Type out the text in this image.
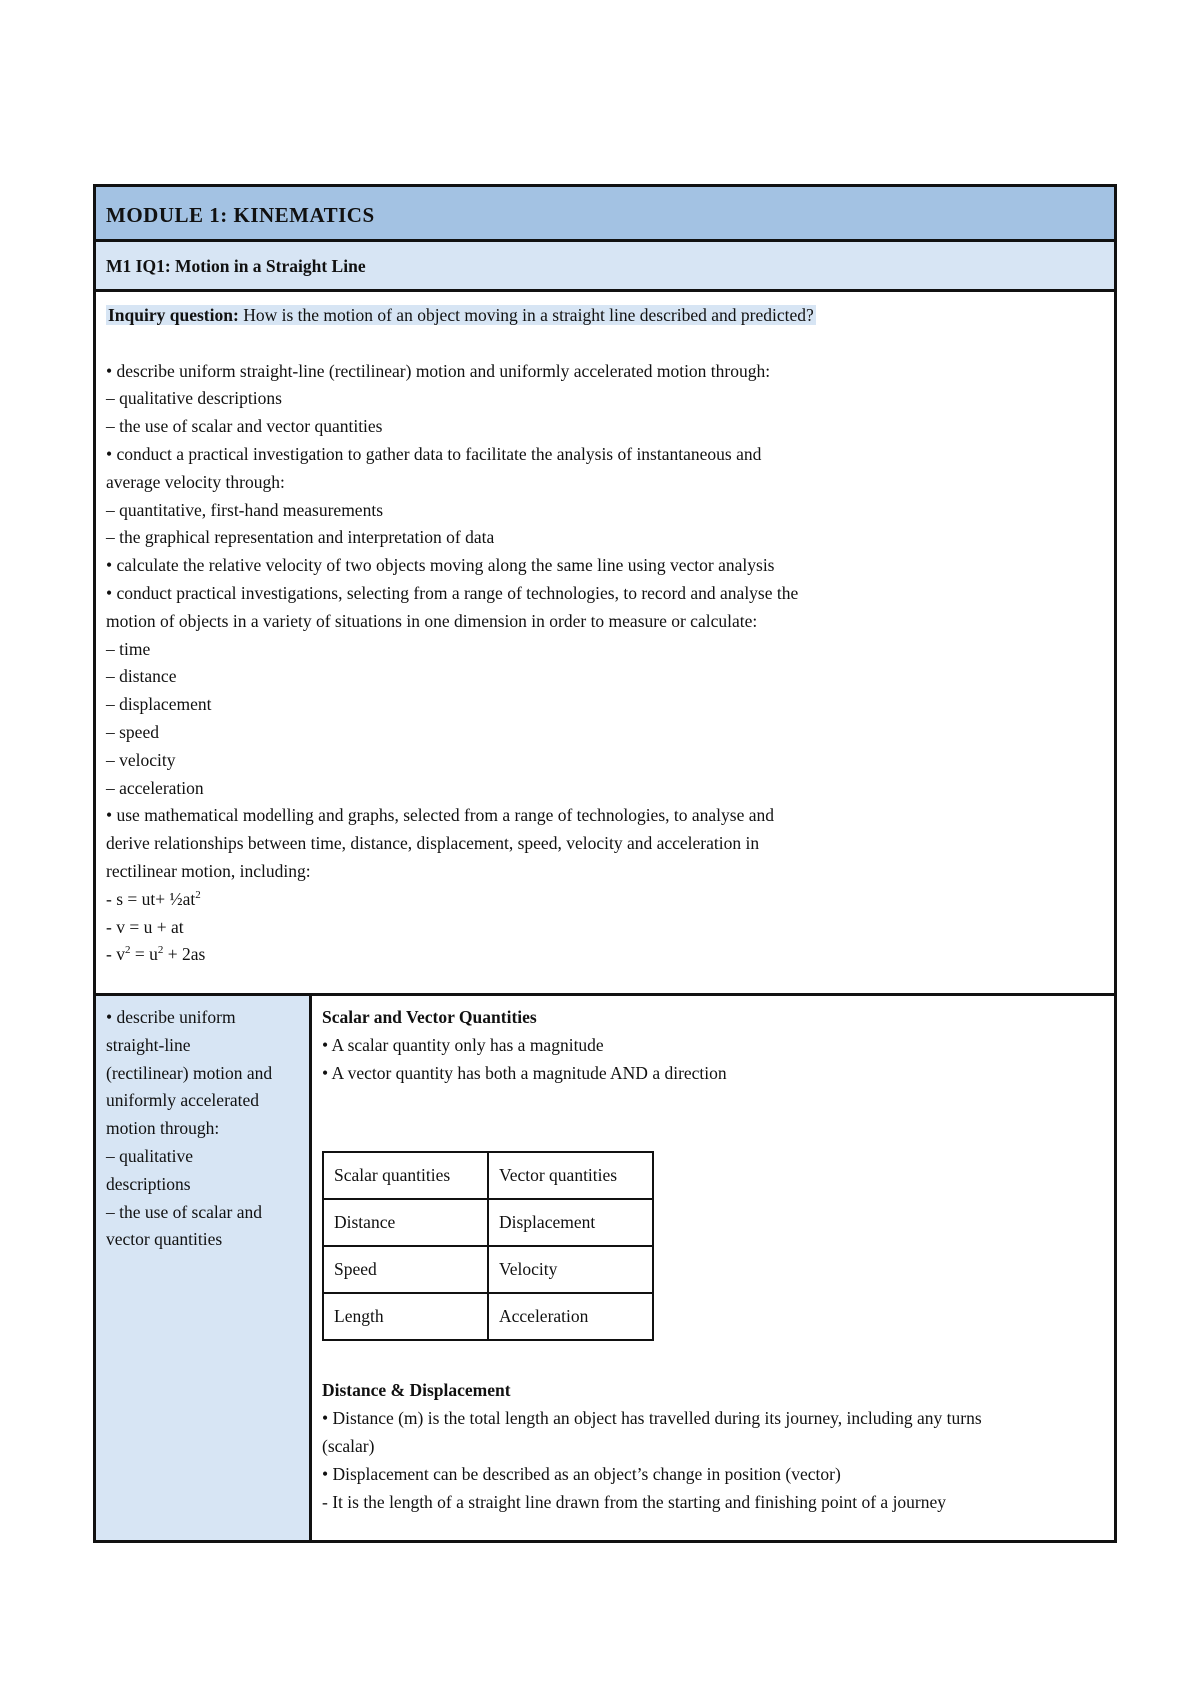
MODULE 1: KINEMATICS
M1 IQ1: Motion in a Straight Line
Inquiry question: How is the motion of an object moving in a straight line described and predicted?
• describe uniform straight-line (rectilinear) motion and uniformly accelerated motion through:
– qualitative descriptions
– the use of scalar and vector quantities
• conduct a practical investigation to gather data to facilitate the analysis of instantaneous and
average velocity through:
– quantitative, first-hand measurements
– the graphical representation and interpretation of data
• calculate the relative velocity of two objects moving along the same line using vector analysis
• conduct practical investigations, selecting from a range of technologies, to record and analyse the
motion of objects in a variety of situations in one dimension in order to measure or calculate:
– time
– distance
– displacement
– speed
– velocity
– acceleration
• use mathematical modelling and graphs, selected from a range of technologies, to analyse and
derive relationships between time, distance, displacement, speed, velocity and acceleration in
rectilinear motion, including:
- $s = ut+ \frac{1}{2}at^2$
- v = u + at
- $v^2 = u^2 + 2as$
• describe uniform
straight-line
(rectilinear) motion and
uniformly accelerated
motion through:
– qualitative
descriptions
– the use of scalar and
vector quantities
Scalar and Vector Quantities
• A scalar quantity only has a magnitude
• A vector quantity has both a magnitude AND a direction
Scalar quantities	Vector quantities
Distance	Displacement
Speed	Velocity
Length	Acceleration
Distance & Displacement
• Distance (m) is the total length an object has travelled during its journey, including any turns
(scalar)
• Displacement can be described as an object’s change in position (vector)
- It is the length of a straight line drawn from the starting and finishing point of a journey
